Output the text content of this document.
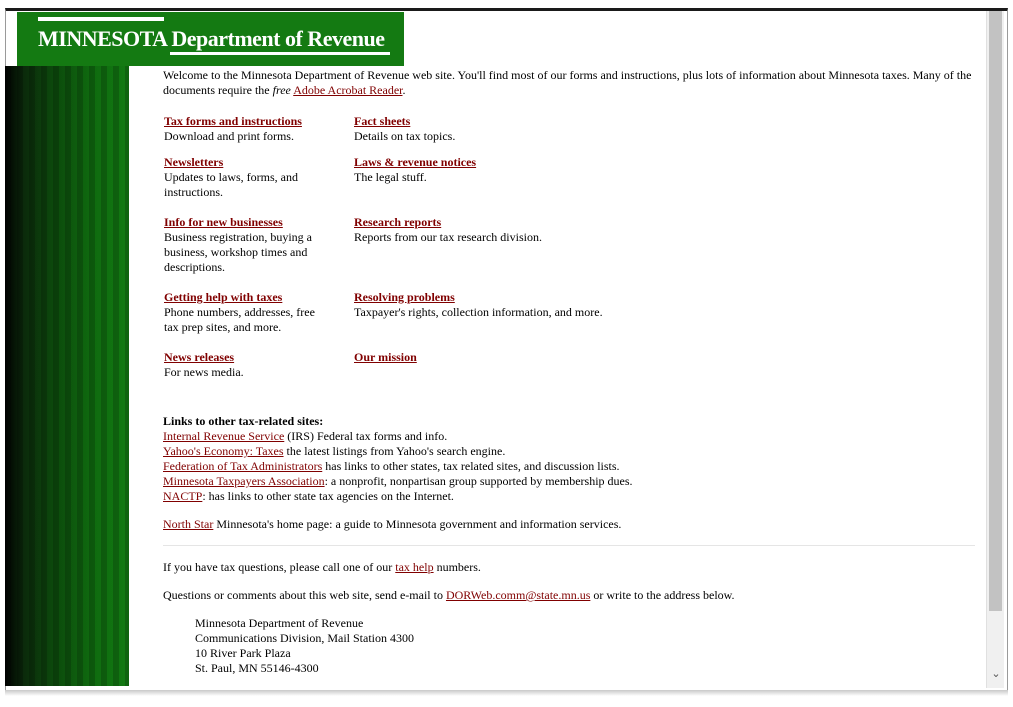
MINNESOTA Department of Revenue
Welcome to the Minnesota Department of Revenue web site. You'll find most of our forms and instructions, plus lots of information about Minnesota taxes. Many of the documents require the free Adobe Acrobat Reader.
Tax forms and instructions
Download and print forms.
Fact sheets
Details on tax topics.
Newsletters
Updates to laws, forms, and instructions.
Laws & revenue notices
The legal stuff.
Info for new businesses
Business registration, buying a business, workshop times and descriptions.
Research reports
Reports from our tax research division.
Getting help with taxes
Phone numbers, addresses, free tax prep sites, and more.
Resolving problems
Taxpayer's rights, collection information, and more.
News releases
For news media.
Our mission
Links to other tax-related sites:
Internal Revenue Service (IRS) Federal tax forms and info.
Yahoo's Economy: Taxes the latest listings from Yahoo's search engine.
Federation of Tax Administrators has links to other states, tax related sites, and discussion lists.
Minnesota Taxpayers Association: a nonprofit, nonpartisan group supported by membership dues.
NACTP: has links to other state tax agencies on the Internet.
North Star Minnesota's home page: a guide to Minnesota government and information services.
If you have tax questions, please call one of our tax help numbers.
Questions or comments about this web site, send e-mail to DORWeb.comm@state.mn.us or write to the address below.
Minnesota Department of Revenue
Communications Division, Mail Station 4300
10 River Park Plaza
St. Paul, MN 55146-4300	⌄
